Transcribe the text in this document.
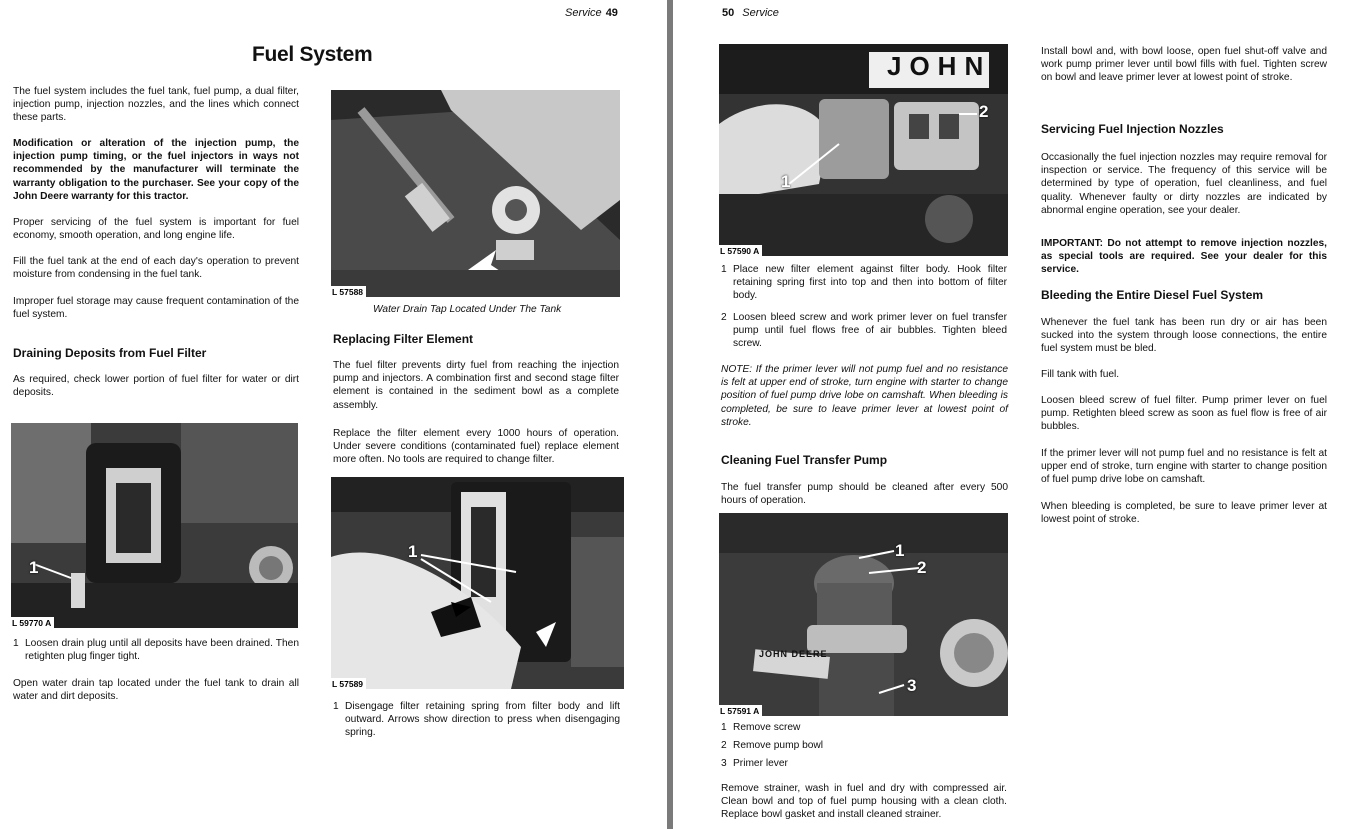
Service 49
Fuel System

The fuel system includes the fuel tank, fuel pump, a dual filter, injection pump, injection nozzles, and the lines which connect these parts.

Modification or alteration of the injection pump, the injection pump timing, or the fuel injectors in ways not recommended by the manufacturer will terminate the warranty obligation to the purchaser. See your copy of the John Deere warranty for this tractor.

Proper servicing of the fuel system is important for fuel economy, smooth operation, and long engine life.

Fill the fuel tank at the end of each day's operation to prevent moisture from condensing in the fuel tank.

Improper fuel storage may cause frequent contamination of the fuel system.

Draining Deposits from Fuel Filter

As required, check lower portion of fuel filter for water or dirt deposits.

1
L 59770 A
1 Loosen drain plug until all deposits have been drained. Then retighten plug finger tight.

Open water drain tap located under the fuel tank to drain all water and dirt deposits.

L 57588
Water Drain Tap Located Under The Tank
Replacing Filter Element

The fuel filter prevents dirty fuel from reaching the injection pump and injectors. A combination first and second stage filter element is contained in the sediment bowl as a complete assembly.

Replace the filter element every 1000 hours of operation. Under severe conditions (contaminated fuel) replace element more often. No tools are required to change filter.

1
L 57589
1 Disengage filter retaining spring from filter body and lift outward. Arrows show direction to press when disengaging spring.
50 Service
JOHN
1
2
L 57590 A
1 Place new filter element against filter body. Hook filter retaining spring first into top and then into bottom of filter body.
2 Loosen bleed screw and work primer lever on fuel transfer pump until fuel flows free of air bubbles. Tighten bleed screw.

NOTE: If the primer lever will not pump fuel and no resistance is felt at upper end of stroke, turn engine with starter to change position of fuel pump drive lobe on camshaft. When bleeding is completed, be sure to leave primer lever at lowest point of stroke.

Cleaning Fuel Transfer Pump

The fuel transfer pump should be cleaned after every 500 hours of operation.

JOHN DEERE
1
2
3
L 57591 A
1 Remove screw
2 Remove pump bowl
3 Primer lever

Remove strainer, wash in fuel and dry with compressed air. Clean bowl and top of fuel pump housing with a clean cloth. Replace bowl gasket and install cleaned strainer.

Install bowl and, with bowl loose, open fuel shut-off valve and work pump primer lever until bowl fills with fuel. Tighten screw on bowl and leave primer lever at lowest point of stroke.

Servicing Fuel Injection Nozzles

Occasionally the fuel injection nozzles may require removal for inspection or service. The frequency of this service will be determined by type of operation, fuel cleanliness, and fuel quality. Whenever faulty or dirty nozzles are indicated by abnormal engine operation, see your dealer.

IMPORTANT: Do not attempt to remove injection nozzles, as special tools are required. See your dealer for this service.

Bleeding the Entire Diesel Fuel System

Whenever the fuel tank has been run dry or air has been sucked into the system through loose connections, the entire fuel system must be bled.

Fill tank with fuel.

Loosen bleed screw of fuel filter. Pump primer lever on fuel pump. Retighten bleed screw as soon as fuel flow is free of air bubbles.

If the primer lever will not pump fuel and no resistance is felt at upper end of stroke, turn engine with starter to change position of fuel pump drive lobe on camshaft.

When bleeding is completed, be sure to leave primer lever at lowest point of stroke.
